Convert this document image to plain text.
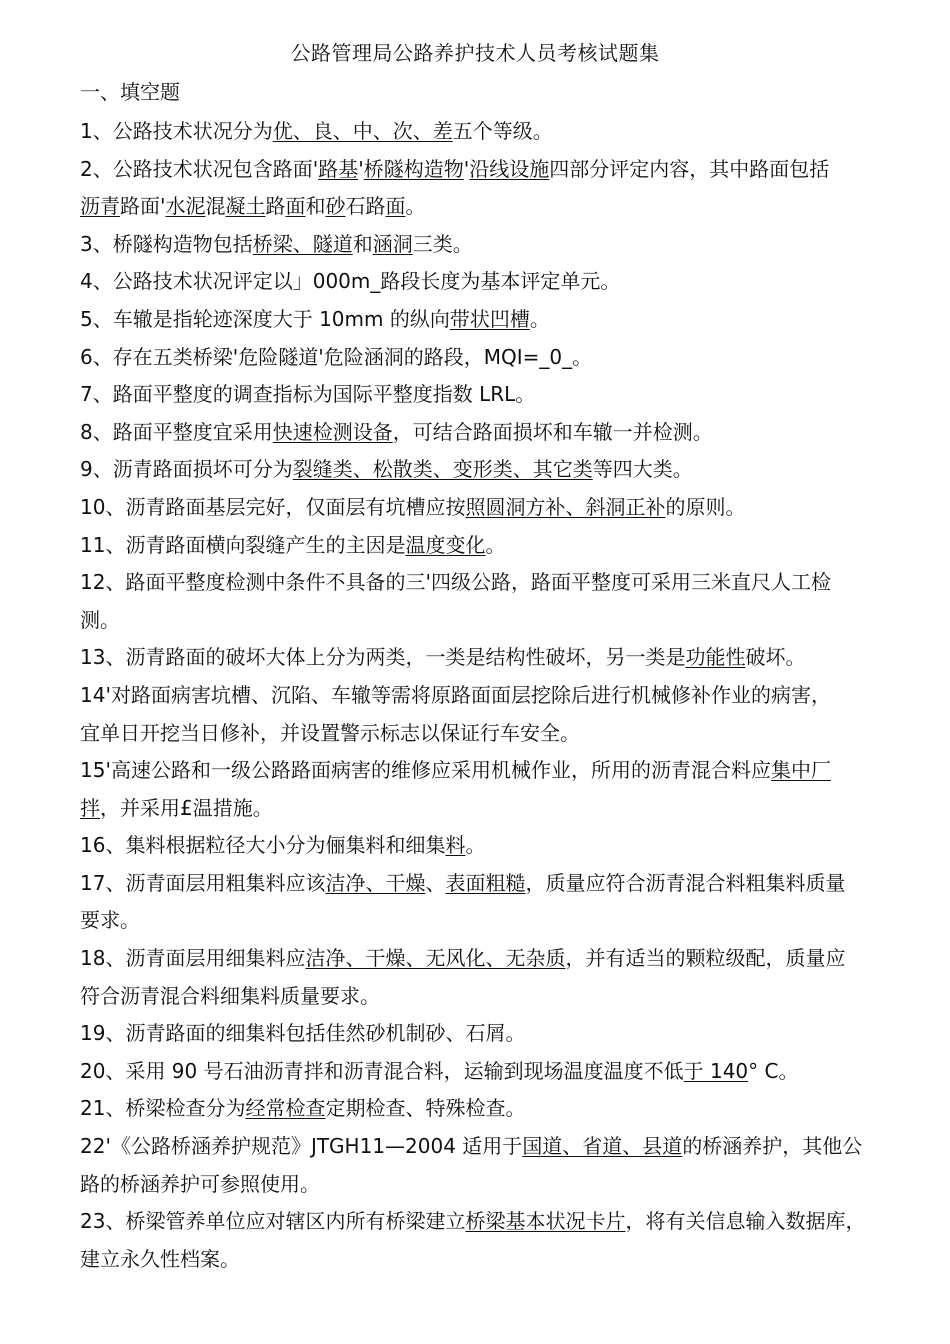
公路管理局公路养护技术人员考核试题集
一、填空题
1、公路技术状况分为优、良、中、次、差五个等级。
2、公路技术状况包含路面'路基'桥隧构造物'沿线设施四部分评定内容，其中路面包括
沥青路面'水泥混凝土路面和砂石路面。
3、桥隧构造物包括桥梁、隧道和涵洞三类。
4、公路技术状况评定以」000m_路段长度为基本评定单元。
5、车辙是指轮迹深度大于 10mm 的纵向带状凹槽。
6、存在五类桥梁'危险隧道'危险涵洞的路段，MQI=_0_。
7、路面平整度的调查指标为国际平整度指数 LRL。
8、路面平整度宜采用快速检测设备，可结合路面损坏和车辙一并检测。
9、沥青路面损坏可分为裂缝类、松散类、变形类、其它类等四大类。
10、沥青路面基层完好，仅面层有坑槽应按照圆洞方补、斜洞正补的原则。
11、沥青路面横向裂缝产生的主因是温度变化。
12、路面平整度检测中条件不具备的三'四级公路，路面平整度可采用三米直尺人工检
测。
13、沥青路面的破坏大体上分为两类，一类是结构性破坏，另一类是功能性破坏。
14'对路面病害坑槽、沉陷、车辙等需将原路面面层挖除后进行机械修补作业的病害，
宜单日开挖当日修补，并设置警示标志以保证行车安全。
15'高速公路和一级公路路面病害的维修应采用机械作业，所用的沥青混合料应集中厂
拌，并采用£温措施。
16、集料根据粒径大小分为俪集料和细集料。
17、沥青面层用粗集料应该洁净、干燥、表面粗糙，质量应符合沥青混合料粗集料质量
要求。
18、沥青面层用细集料应洁净、干燥、无风化、无杂质，并有适当的颗粒级配，质量应
符合沥青混合料细集料质量要求。
19、沥青路面的细集料包括佳然砂机制砂、石屑。
20、采用 90 号石油沥青拌和沥青混合料，运输到现场温度温度不低于 140° C。
21、桥梁检查分为经常检查定期检查、特殊检查。
22'《公路桥涵养护规范》JTGH11—2004 适用于国道、省道、县道的桥涵养护，其他公
路的桥涵养护可参照使用。
23、桥梁管养单位应对辖区内所有桥梁建立桥梁基本状况卡片，将有关信息输入数据库，
建立永久性档案。
